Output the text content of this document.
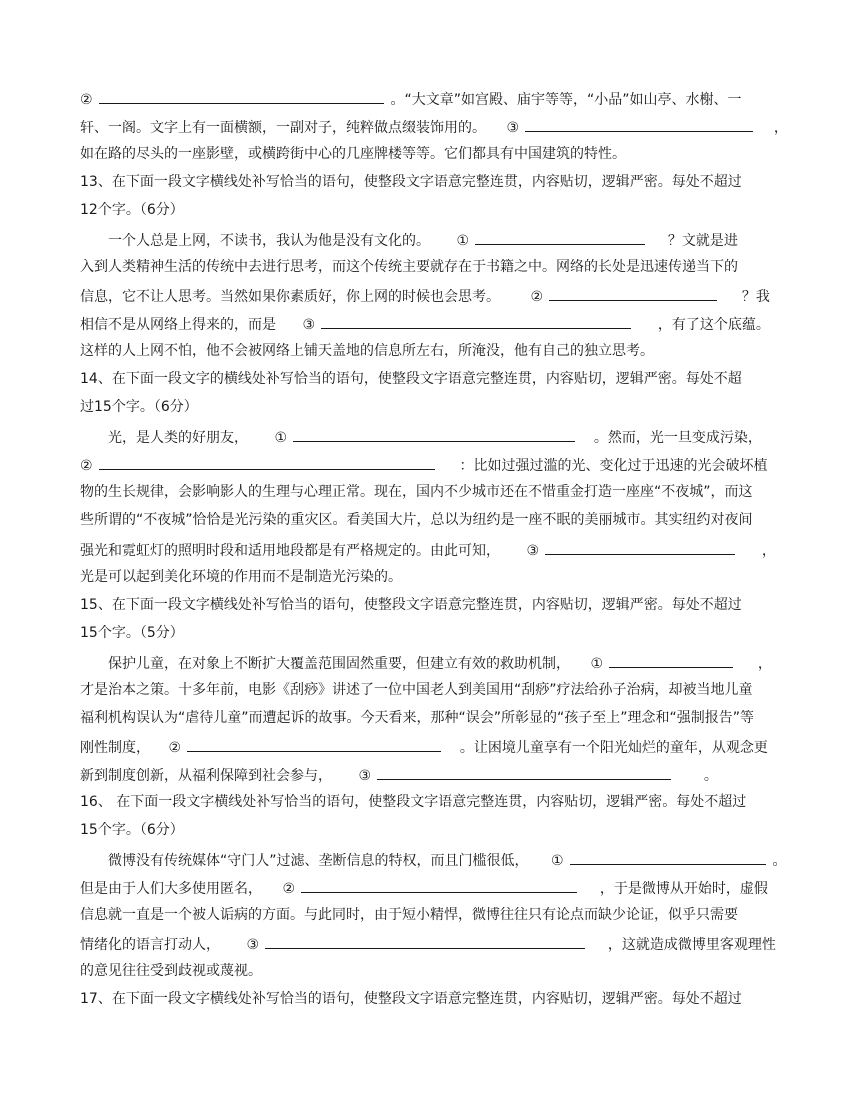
②	。“大文章”如宫殿、庙宇等等，“小品”如山亭、水榭、一
轩、一阁。文字上有一面横额，一副对子，纯粹做点缀装饰用的。 ③	，
如在路的尽头的一座影壁，或横跨街中心的几座牌楼等等。它们都具有中国建筑的特性。
13、在下面一段文字横线处补写恰当的语句，使整段文字语意完整连贯，内容贴切，逻辑严密。每处不超过
12个字。（6分）
一个人总是上网，不读书，我认为他是没有文化的。 ①	？文就是进
入到人类精神生活的传统中去进行思考，而这个传统主要就存在于书籍之中。网络的长处是迅速传递当下的
信息，它不让人思考。当然如果你素质好，你上网的时候也会思考。 ②	？我
相信不是从网络上得来的，而是 ③	，有了这个底蕴。
这样的人上网不怕，他不会被网络上铺天盖地的信息所左右，所淹没，他有自己的独立思考。
14、在下面一段文字的横线处补写恰当的语句，使整段文字语意完整连贯，内容贴切，逻辑严密。每处不超
过15个字。（6分）
光，是人类的好朋友， ①	。然而，光一旦变成污染，
②	：比如过强过滥的光、变化过于迅速的光会破坏植
物的生长规律，会影响影人的生理与心理正常。现在，国内不少城市还在不惜重金打造一座座“不夜城”，而这
些所谓的“不夜城”恰恰是光污染的重灾区。看美国大片，总以为纽约是一座不眠的美丽城市。其实纽约对夜间
强光和霓虹灯的照明时段和适用地段都是有严格规定的。由此可知， ③	，
光是可以起到美化环境的作用而不是制造光污染的。
15、在下面一段文字横线处补写恰当的语句，使整段文字语意完整连贯，内容贴切，逻辑严密。每处不超过
15个字。（5分）
保护儿童，在对象上不断扩大覆盖范围固然重要，但建立有效的救助机制， ①	，
才是治本之策。十多年前，电影《刮痧》讲述了一位中国老人到美国用“刮痧”疗法给孙子治病，却被当地儿童
福利机构误认为“虐待儿童”而遭起诉的故事。今天看来，那种“误会”所彰显的“孩子至上”理念和“强制报告”等
刚性制度， ②	。让困境儿童享有一个阳光灿烂的童年，从观念更
新到制度创新，从福利保障到社会参与， ③	。
16、 在下面一段文字横线处补写恰当的语句，使整段文字语意完整连贯，内容贴切，逻辑严密。每处不超过
15个字。（6分）
微博没有传统媒体“守门人”过滤、垄断信息的特权，而且门槛很低， ①	。
但是由于人们大多使用匿名， ②	，于是微博从开始时，虚假
信息就一直是一个被人诟病的方面。与此同时，由于短小精悍，微博往往只有论点而缺少论证，似乎只需要
情绪化的语言打动人， ③	，这就造成微博里客观理性
的意见往往受到歧视或蔑视。
17、在下面一段文字横线处补写恰当的语句，使整段文字语意完整连贯，内容贴切，逻辑严密。每处不超过
